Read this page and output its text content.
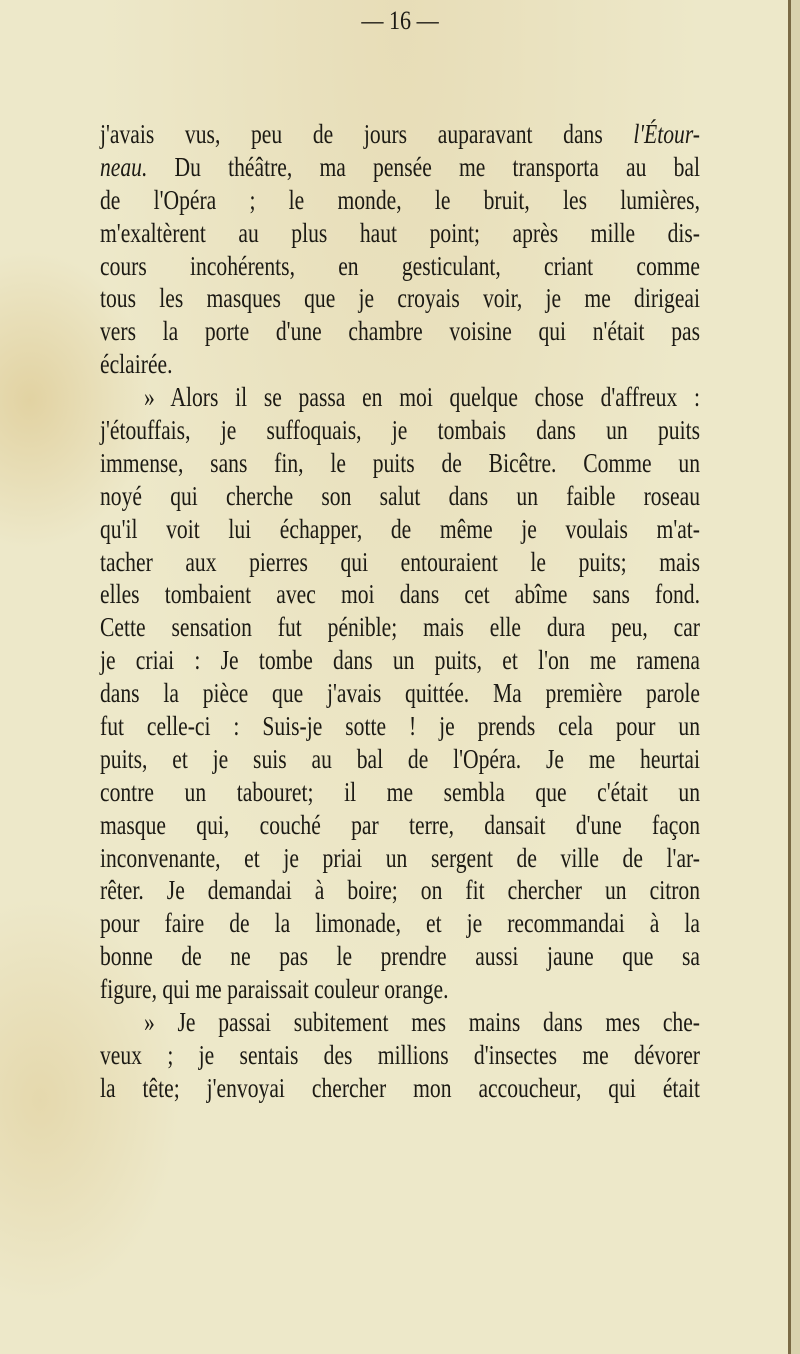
— 16 —
j'avais vus, peu de jours auparavant dans l'Étour-
neau. Du théâtre, ma pensée me transporta au bal
de l'Opéra ; le monde, le bruit, les lumières,
m'exaltèrent au plus haut point; après mille dis-
cours incohérents, en gesticulant, criant comme
tous les masques que je croyais voir, je me dirigeai
vers la porte d'une chambre voisine qui n'était pas
éclairée.
» Alors il se passa en moi quelque chose d'affreux :
j'étouffais, je suffoquais, je tombais dans un puits
immense, sans fin, le puits de Bicêtre. Comme un
noyé qui cherche son salut dans un faible roseau
qu'il voit lui échapper, de même je voulais m'at-
tacher aux pierres qui entouraient le puits; mais
elles tombaient avec moi dans cet abîme sans fond.
Cette sensation fut pénible; mais elle dura peu, car
je criai : Je tombe dans un puits, et l'on me ramena
dans la pièce que j'avais quittée. Ma première parole
fut celle-ci : Suis-je sotte ! je prends cela pour un
puits, et je suis au bal de l'Opéra. Je me heurtai
contre un tabouret; il me sembla que c'était un
masque qui, couché par terre, dansait d'une façon
inconvenante, et je priai un sergent de ville de l'ar-
rêter. Je demandai à boire; on fit chercher un citron
pour faire de la limonade, et je recommandai à la
bonne de ne pas le prendre aussi jaune que sa
figure, qui me paraissait couleur orange.
» Je passai subitement mes mains dans mes che-
veux ; je sentais des millions d'insectes me dévorer
la tête; j'envoyai chercher mon accoucheur, qui était
